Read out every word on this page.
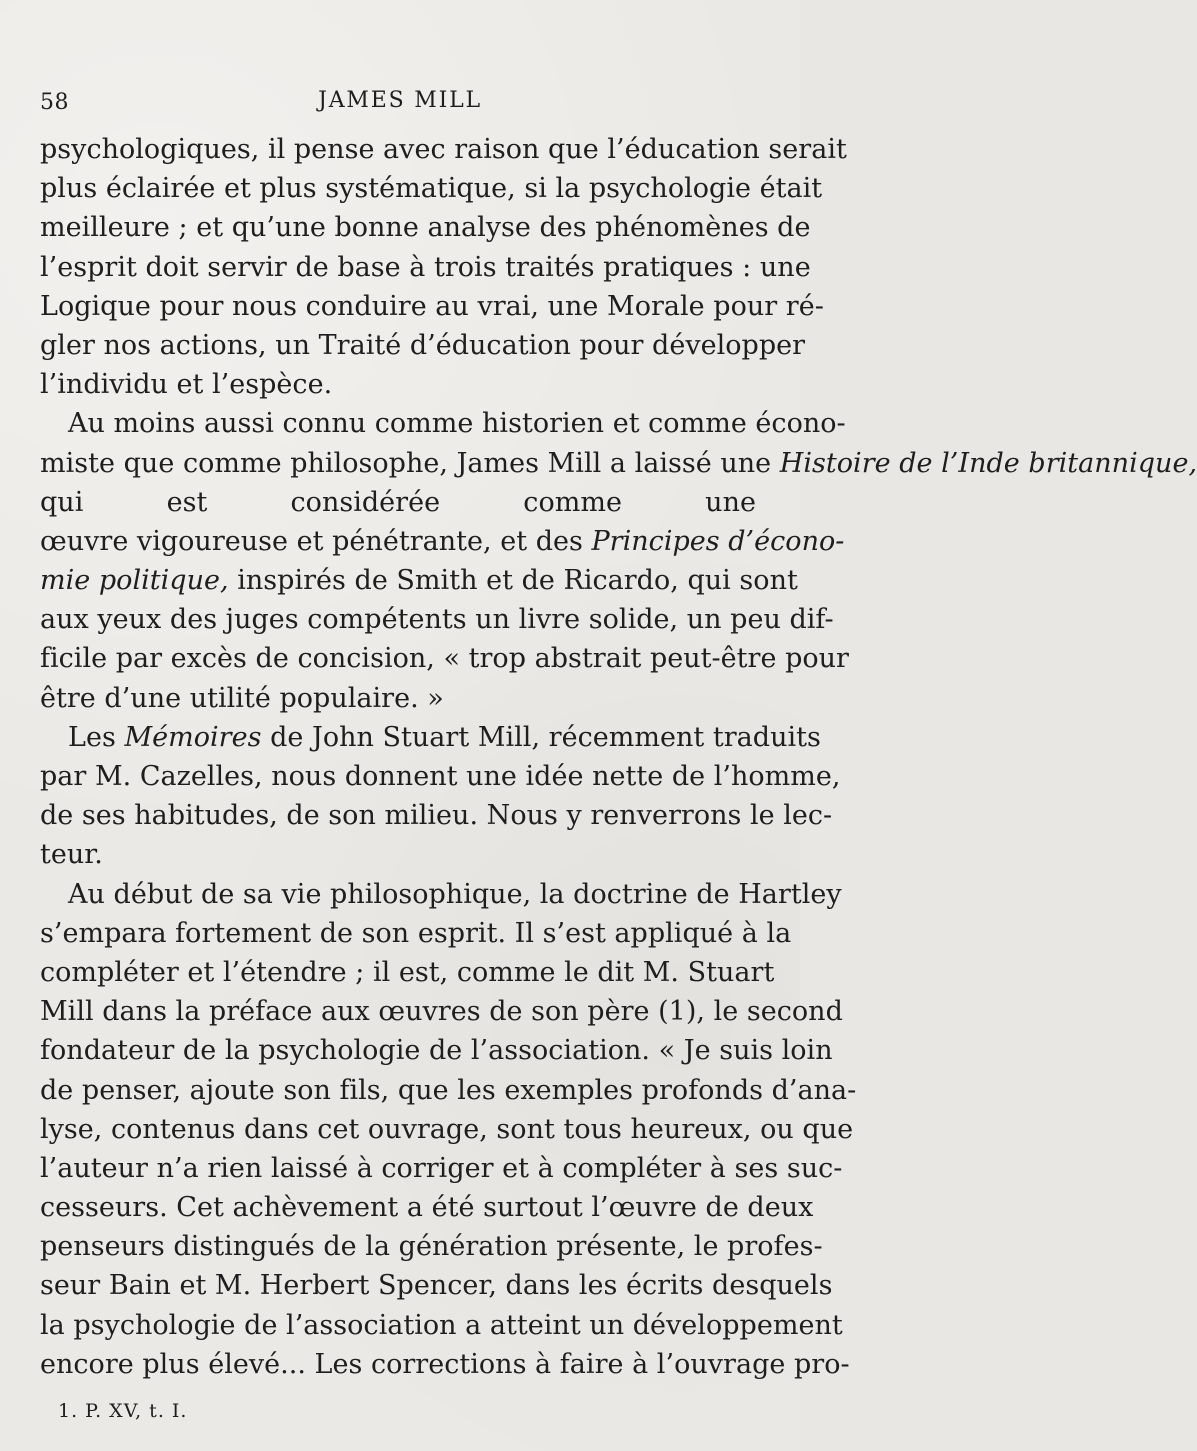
58	JAMES MILL
psychologiques, il pense avec raison que l’éducation serait
plus éclairée et plus systématique, si la psychologie était
meilleure ; et qu’une bonne analyse des phénomènes de
l’esprit doit servir de base à trois traités pratiques : une
Logique pour nous conduire au vrai, une Morale pour ré-
gler nos actions, un Traité d’éducation pour développer
l’individu et l’espèce.
Au moins aussi connu comme historien et comme écono-
miste que comme philosophe, James Mill a laissé une Histoire de l’Inde britannique,
qui est considérée comme une
œuvre vigoureuse et pénétrante, et des Principes d’écono-
mie politique, inspirés de Smith et de Ricardo, qui sont
aux yeux des juges compétents un livre solide, un peu dif-
ficile par excès de concision, « trop abstrait peut-être pour
être d’une utilité populaire. »
Les Mémoires de John Stuart Mill, récemment traduits
par M. Cazelles, nous donnent une idée nette de l’homme,
de ses habitudes, de son milieu. Nous y renverrons le lec-
teur.
Au début de sa vie philosophique, la doctrine de Hartley
s’empara fortement de son esprit. Il s’est appliqué à la
compléter et l’étendre ; il est, comme le dit M. Stuart
Mill dans la préface aux œuvres de son père (1), le second
fondateur de la psychologie de l’association. « Je suis loin
de penser, ajoute son fils, que les exemples profonds d’ana-
lyse, contenus dans cet ouvrage, sont tous heureux, ou que
l’auteur n’a rien laissé à corriger et à compléter à ses suc-
cesseurs. Cet achèvement a été surtout l’œuvre de deux
penseurs distingués de la génération présente, le profes-
seur Bain et M. Herbert Spencer, dans les écrits desquels
la psychologie de l’association a atteint un développement
encore plus élevé... Les corrections à faire à l’ouvrage pro-
1. P. XV, t. I.
